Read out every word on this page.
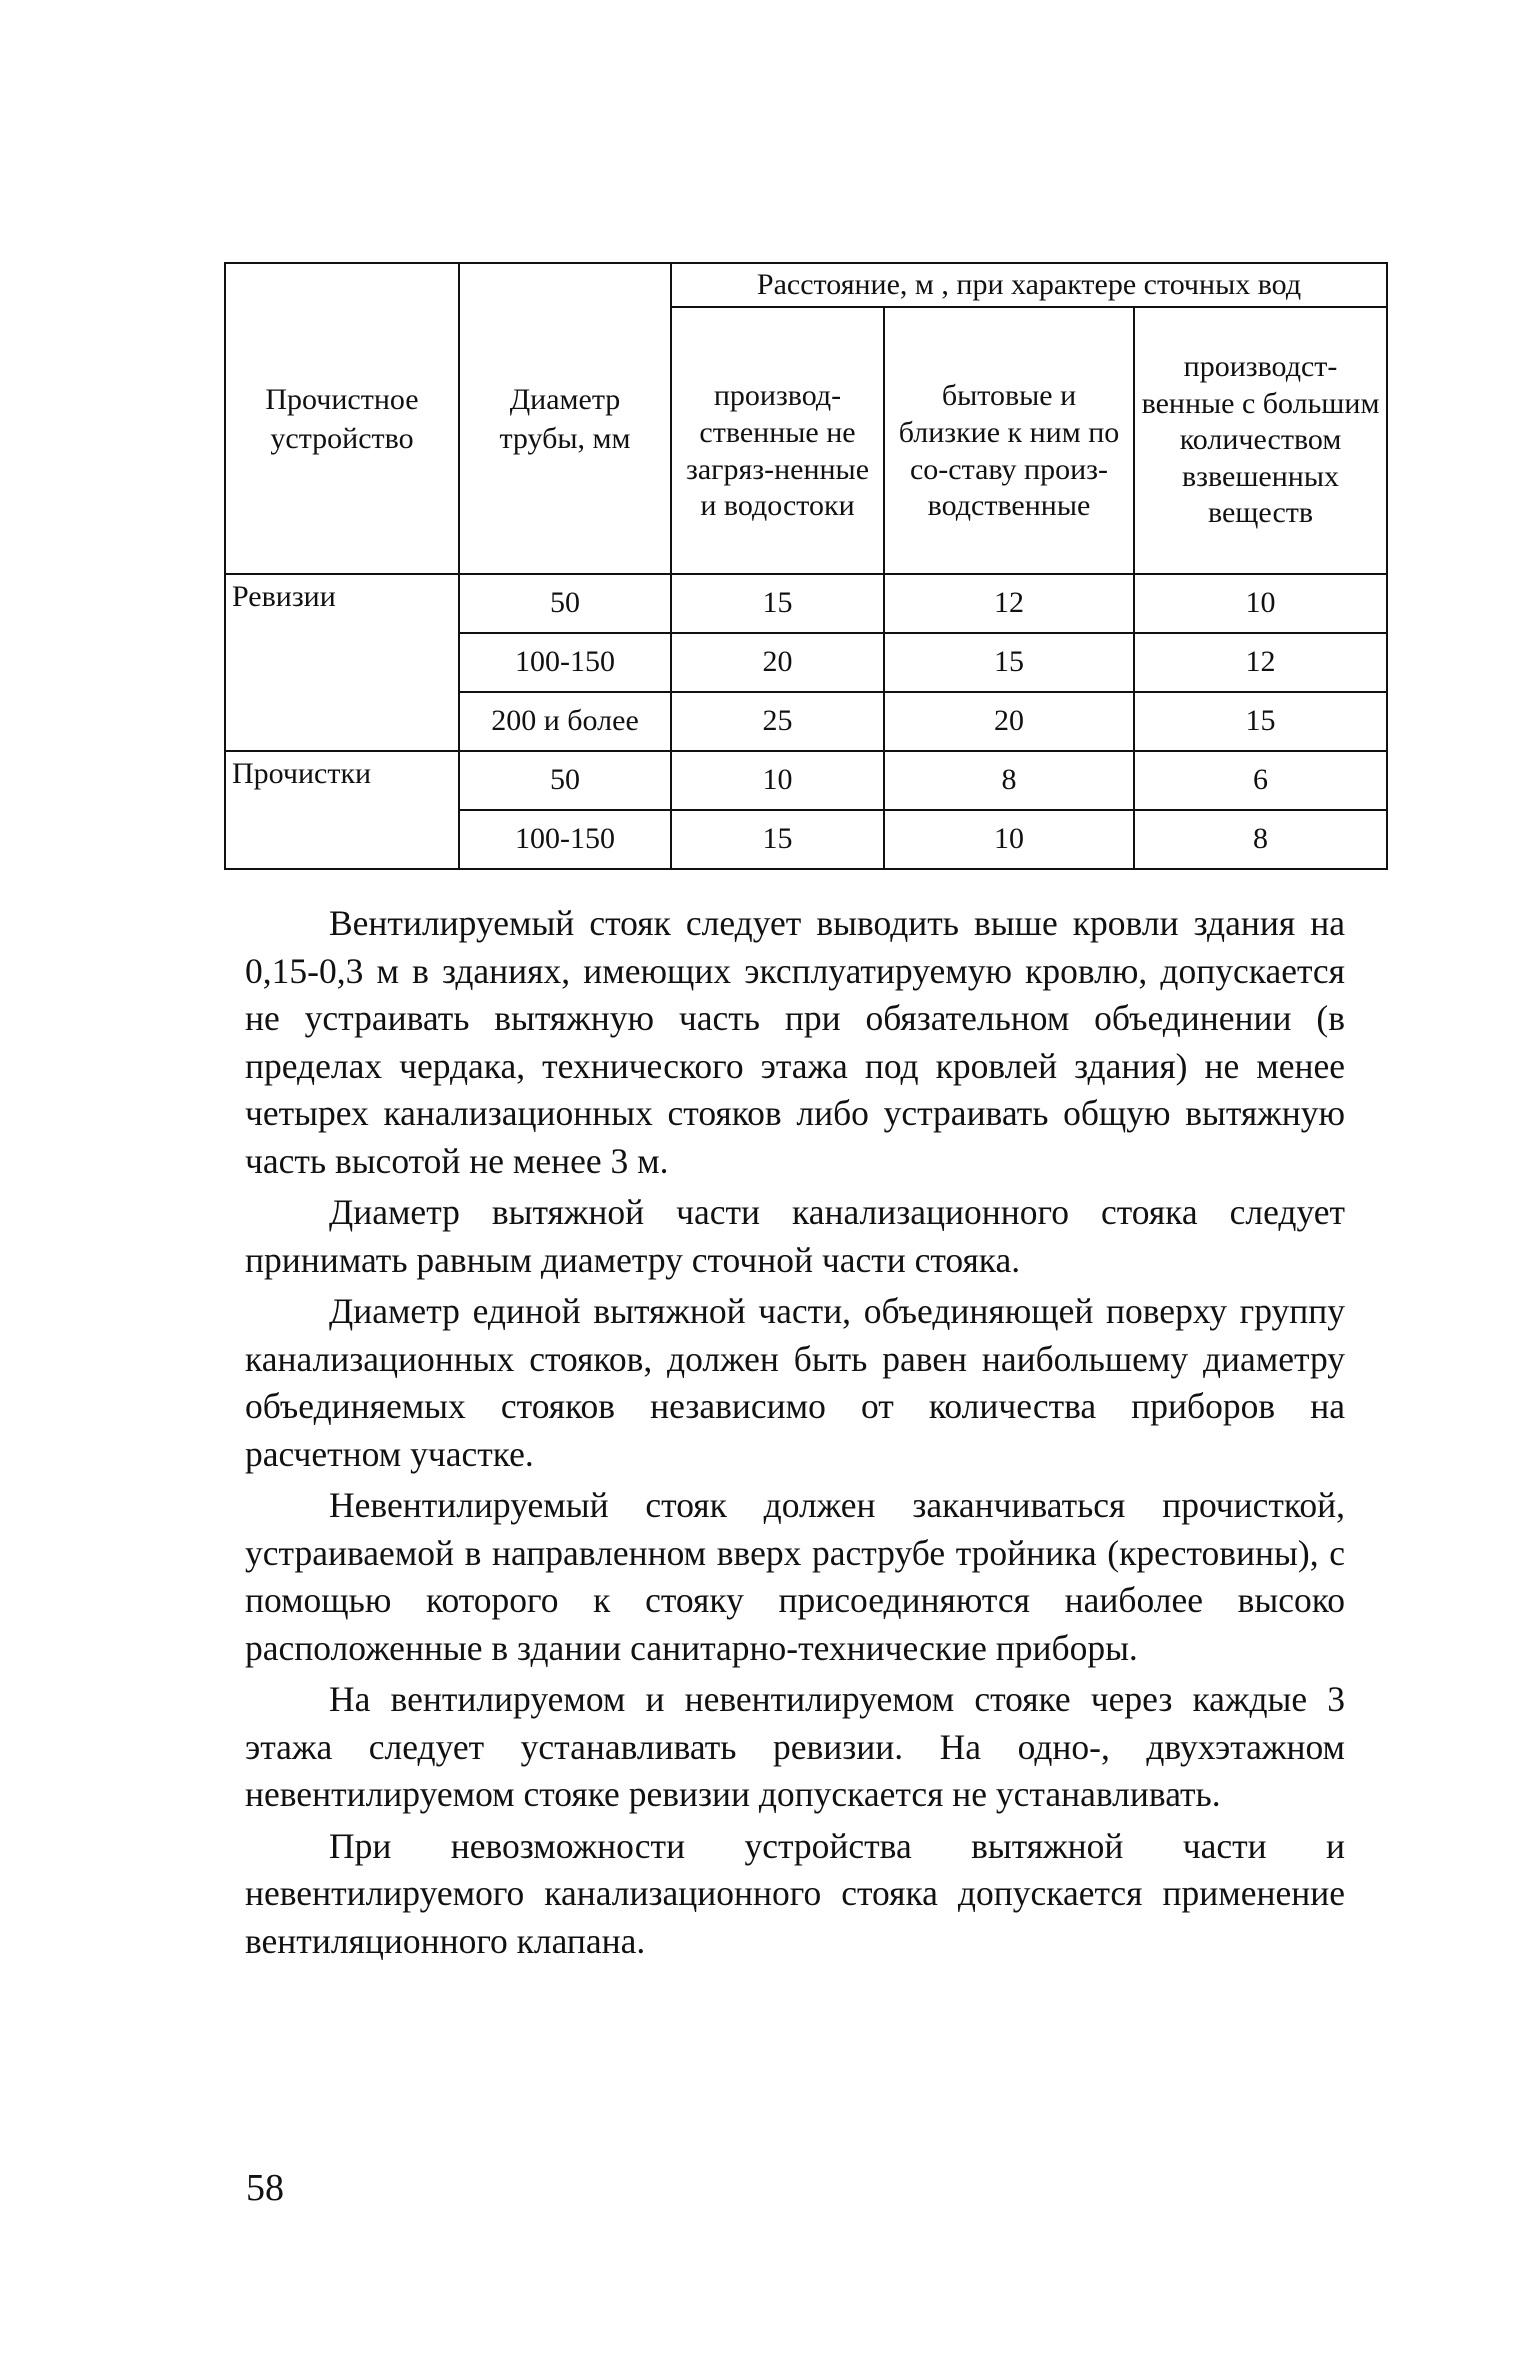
Прочистное устройство	Диаметр трубы, мм	Расстояние, м , при характере сточных вод		
		производ-ственные не загряз-ненные и водостоки	бытовые и близкие к ним по со-ставу произ-водственные	производст-венные с большим количеством взвешенных веществ
Ревизии	50	15	12	10
	100-150	20	15	12
	200 и более	25	20	15
Прочистки	50	10	8	6
	100-150	15	10	8

Вентилируемый стояк следует выводить выше кровли здания на 0,15-0,3 м в зданиях, имеющих эксплуатируемую кровлю, допускается не устраивать вытяжную часть при обязательном объединении (в пределах чердака, технического этажа под кровлей здания) не менее четырех канализационных стояков либо устраивать общую вытяжную часть высотой не менее 3 м.

Диаметр вытяжной части канализационного стояка следует принимать равным диаметру сточной части стояка.

Диаметр единой вытяжной части, объединяющей поверху группу канализационных стояков, должен быть равен наибольшему диаметру объединяемых стояков независимо от количества приборов на расчетном участке.

Невентилируемый стояк должен заканчиваться прочисткой, устраиваемой в направленном вверх раструбе тройника (крестовины), с помощью которого к стояку присоединяются наиболее высоко расположенные в здании санитарно-технические приборы.

На вентилируемом и невентилируемом стояке через каждые 3 этажа следует устанавливать ревизии. На одно-, двухэтажном невентилируемом стояке ревизии допускается не устанавливать.

При невозможности устройства вытяжной части и невентилируемого канализационного стояка допускается применение вентиляционного клапана.

58
